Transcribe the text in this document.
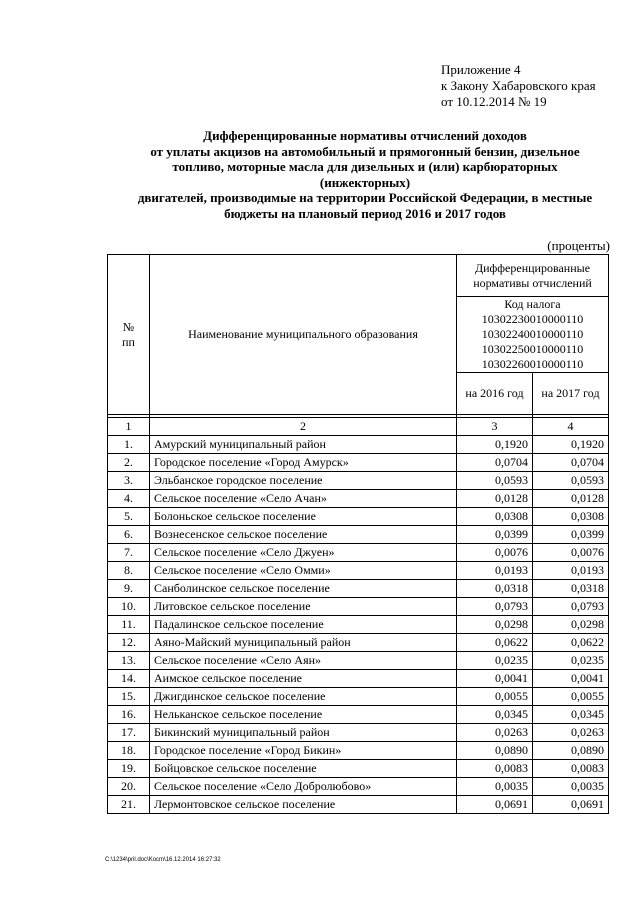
Приложение 4
к Закону Хабаровского края
от 10.12.2014 № 19
Дифференцированные нормативы отчислений доходов
от уплаты акцизов на автомобильный и прямогонный бензин, дизельное
топливо, моторные масла для дизельных и (или) карбюраторных
(инжекторных)
двигателей, производимые на территории Российской Федерации, в местные
бюджеты на плановый период 2016 и 2017 годов
(проценты)
№
пп	Наименование муниципального образования	Дифференцированные нормативы отчислений	

		Код налога
10302230010000110
10302240010000110
10302250010000110
10302260010000110	

		на 2016 год	на 2017 год

1	2	3	4
1.	Амурский муниципальный район	0,1920	0,1920
2.	Городское поселение «Город Амурск»	0,0704	0,0704
3.	Эльбанское городское поселение	0,0593	0,0593
4.	Сельское поселение «Село Ачан»	0,0128	0,0128
5.	Болоньское сельское поселение	0,0308	0,0308
6.	Вознесенское сельское поселение	0,0399	0,0399
7.	Сельское поселение «Село Джуен»	0,0076	0,0076
8.	Сельское поселение «Село Омми»	0,0193	0,0193
9.	Санболинское сельское поселение	0,0318	0,0318
10.	Литовское сельское поселение	0,0793	0,0793
11.	Падалинское сельское поселение	0,0298	0,0298
12.	Аяно-Майский муниципальный район	0,0622	0,0622
13.	Сельское поселение «Село Аян»	0,0235	0,0235
14.	Аимское сельское поселение	0,0041	0,0041
15.	Джигдинское сельское поселение	0,0055	0,0055
16.	Нельканское сельское поселение	0,0345	0,0345
17.	Бикинский муниципальный район	0,0263	0,0263
18.	Городское поселение «Город Бикин»	0,0890	0,0890
19.	Бойцовское сельское поселение	0,0083	0,0083
20.	Сельское поселение «Село Добролюбово»	0,0035	0,0035
21.	Лермонтовское сельское поселение	0,0691	0,0691
C:\1234\pril.doc\Kocm\16.12.2014 16:27:32
